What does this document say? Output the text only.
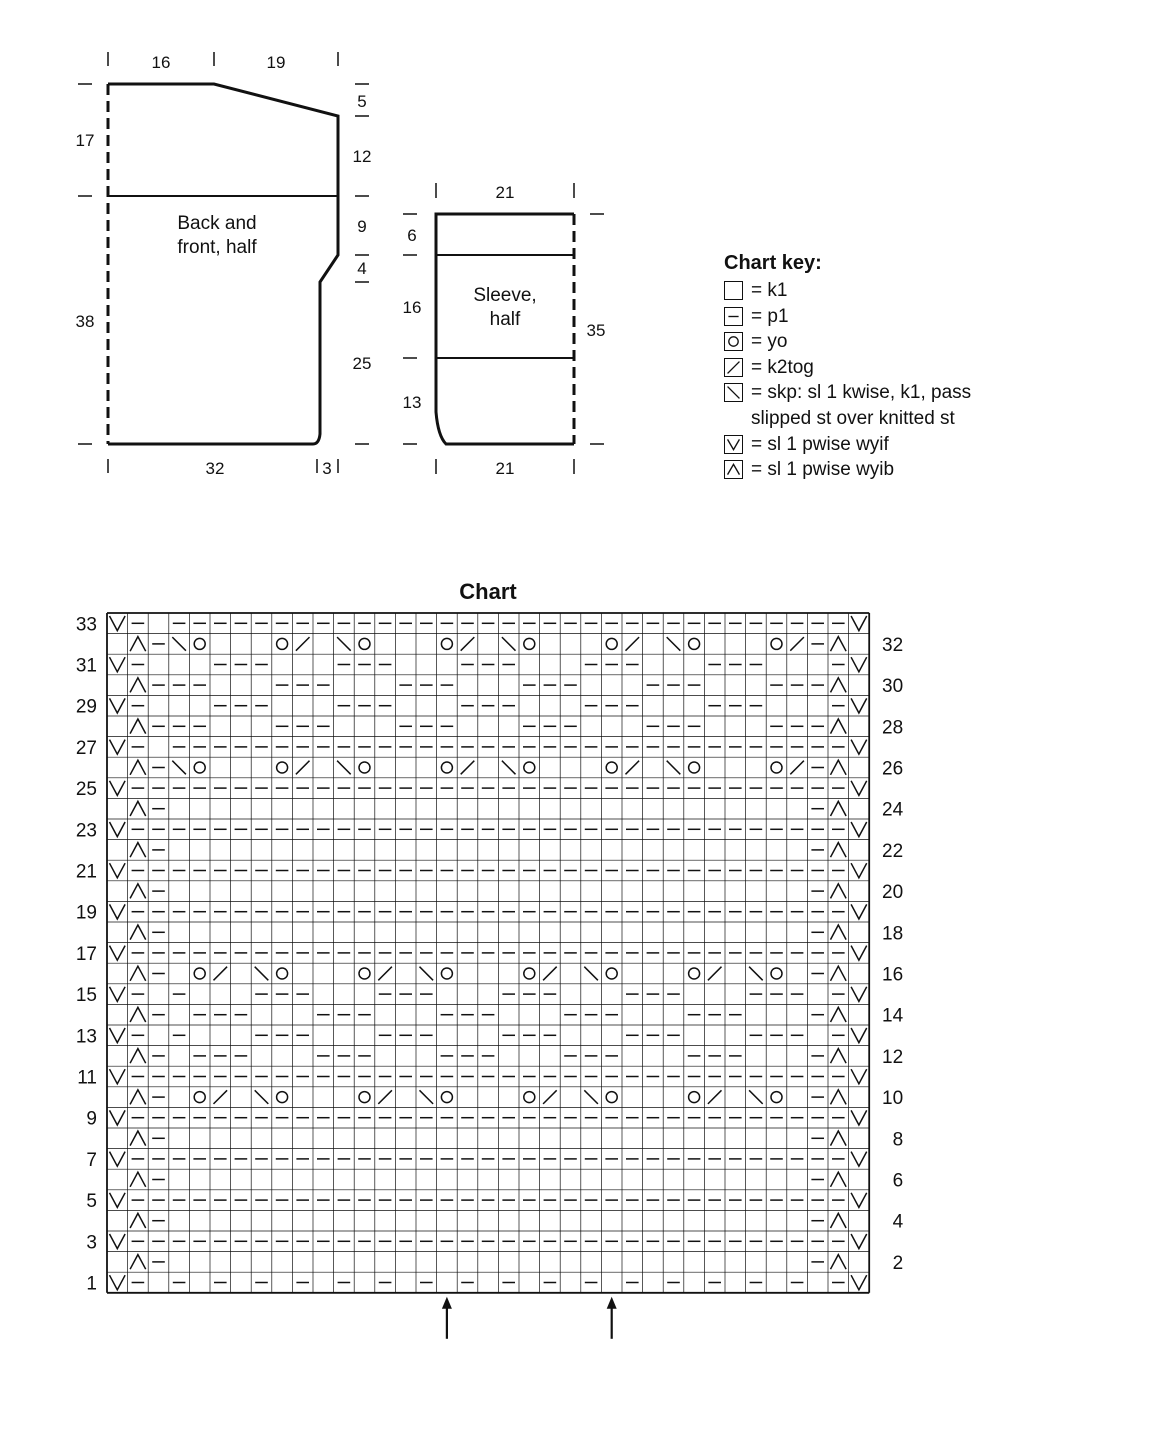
16	19
32	3
17
38
5
12
9
4
25
21
21
6
16
13
35
Back and
front, half
Sleeve,
half
Chart key:
= k1
= p1
= yo
= k2tog
= skp: sl 1 kwise, k1, pass
slipped st over knitted st
= sl 1 pwise wyif
= sl 1 pwise wyib
Chart
33
31
29
27
25
23
21
19
17
15
13
11
9
7
5
3
1
32
30
28
26
24
22
20
18
16
14
12
10
8
6
4
2
